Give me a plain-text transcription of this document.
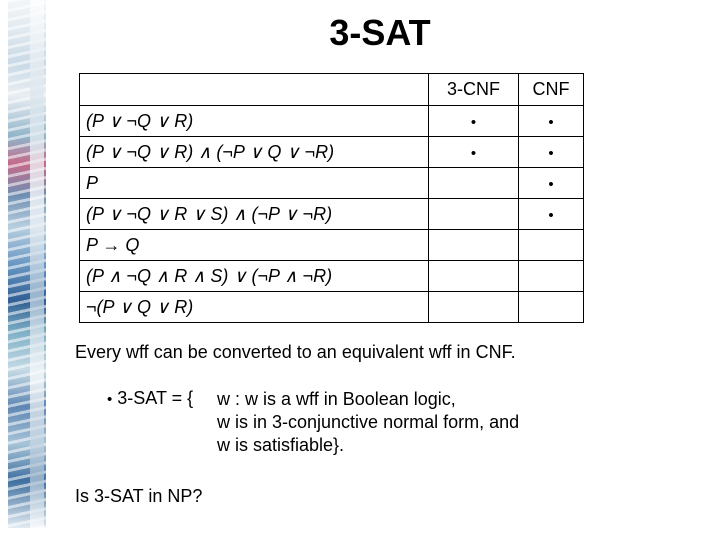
3-SAT
	3-CNF	CNF
(P ∨ ¬Q ∨ R)	•	•
(P ∨ ¬Q ∨ R) ∧ (¬P ∨ Q ∨ ¬R)	•	•
P		•
(P ∨ ¬Q ∨ R ∨ S) ∧ (¬P ∨ ¬R)		•
P → Q		
(P ∧ ¬Q ∧ R ∧ S) ∨ (¬P ∧ ¬R)		
¬(P ∨ Q ∨ R)		
Every wff can be converted to an equivalent wff in CNF.
• 3-SAT = { w : w is a wff in Boolean logic,
w is in 3-conjunctive normal form, and
w is satisfiable}.
Is 3-SAT in NP?
